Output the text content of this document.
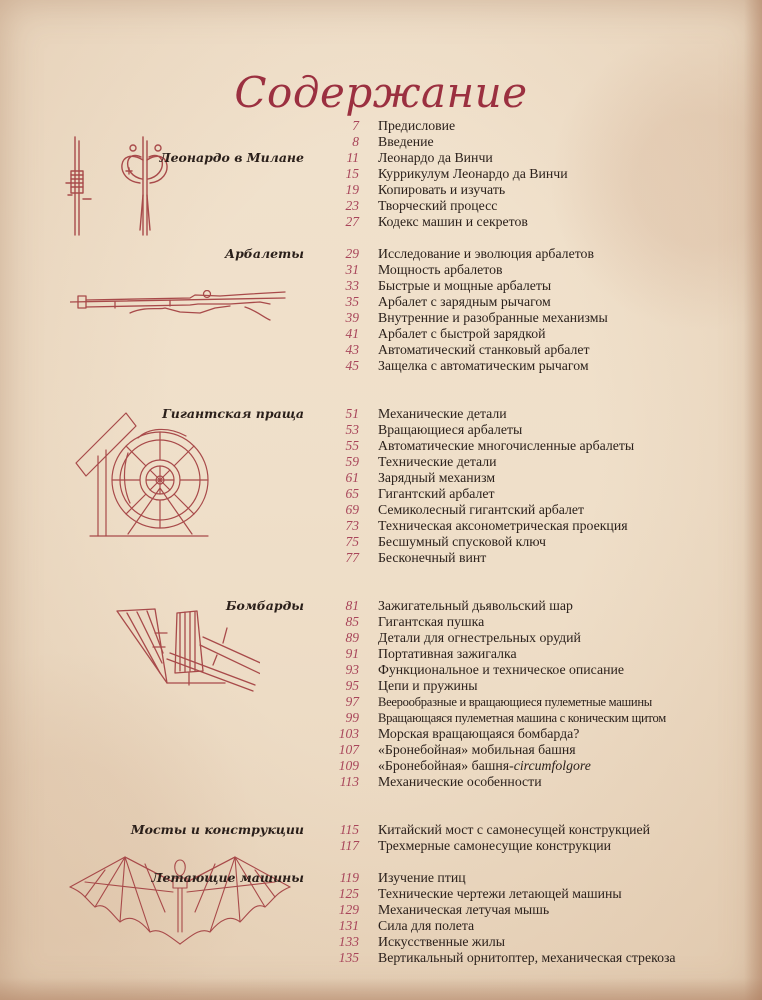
Содержание
Леонардо в Милане
7 Предисловие
8 Введение
11 Леонардо да Винчи
15 Куррикулум Леонардо да Винчи
19 Копировать и изучать
23 Творческий процесс
27 Кодекс машин и секретов
Арбалеты	29 Исследование и эволюция арбалетов
31 Мощность арбалетов
33 Быстрые и мощные арбалеты
35 Арбалет с зарядным рычагом
39 Внутренние и разобранные механизмы
41 Арбалет с быстрой зарядкой
43 Автоматический станковый арбалет
45 Защелка с автоматическим рычагом
Гигантская праща	51 Механические детали
53 Вращающиеся арбалеты
55 Автоматические многочисленные арбалеты
59 Технические детали
61 Зарядный механизм
65 Гигантский арбалет
69 Семиколесный гигантский арбалет
73 Техническая аксонометрическая проекция
75 Бесшумный спусковой ключ
77 Бесконечный винт
Бомбарды	81 Зажигательный дьявольский шар
85 Гигантская пушка
89 Детали для огнестрельных орудий
91 Портативная зажигалка
93 Функциональное и техническое описание
95 Цепи и пружины
97 Веерообразные и вращающиеся пулеметные машины
99 Вращающаяся пулеметная машина с коническим щитом
103 Морская вращающаяся бомбарда?
107 «Бронебойная» мобильная башня
109 «Бронебойная» башня-circumfolgore
113 Механические особенности
Мосты и конструкции	115 Китайский мост с самонесущей конструкцией
117 Трехмерные самонесущие конструкции
Летающие машины	119 Изучение птиц
125 Технические чертежи летающей машины
129 Механическая летучая мышь
131 Сила для полета
133 Искусственные жилы
135 Вертикальный орнитоптер, механическая стрекоза
